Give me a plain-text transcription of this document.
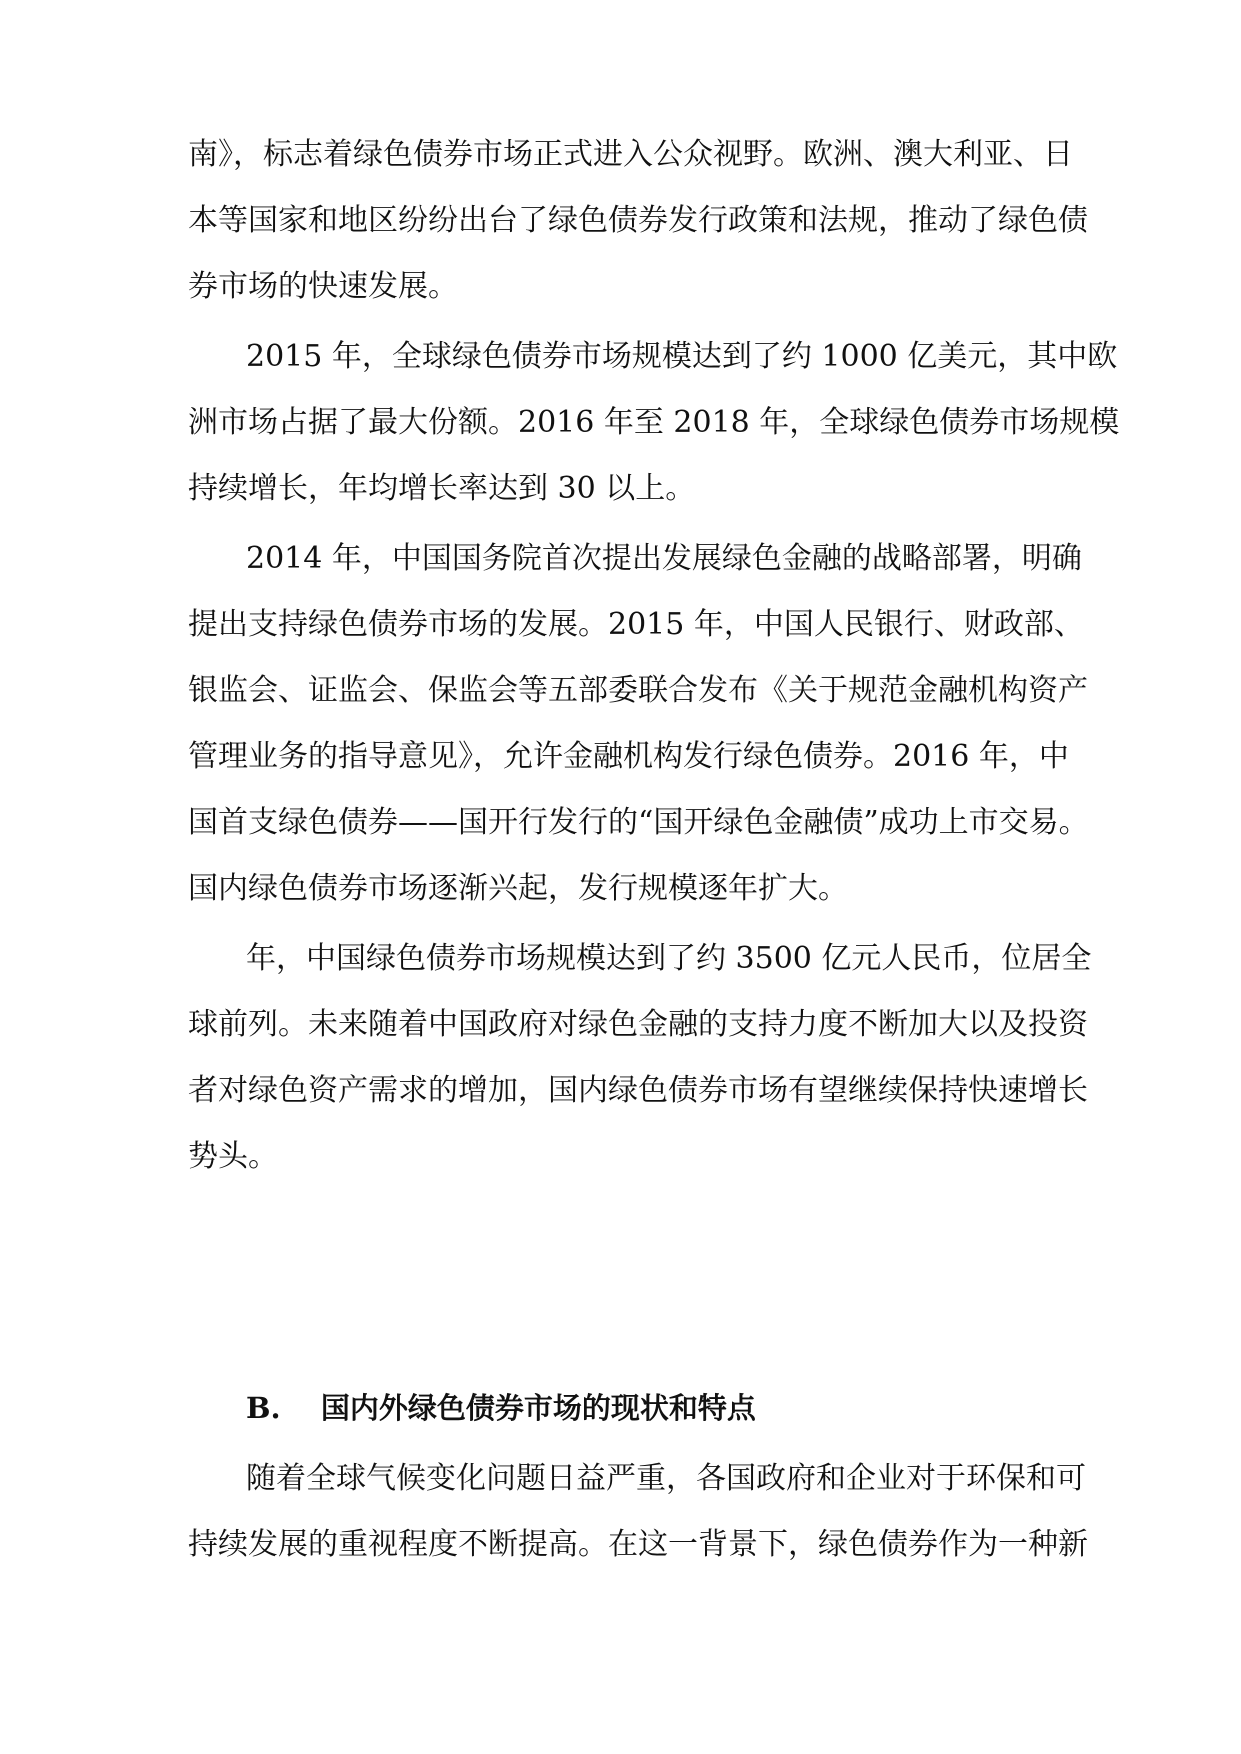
南》，标志着绿色债券市场正式进入公众视野。欧洲、澳大利亚、日
本等国家和地区纷纷出台了绿色债券发行政策和法规，推动了绿色债
券市场的快速发展。
2015 年，全球绿色债券市场规模达到了约 1000 亿美元，其中欧
洲市场占据了最大份额。2016 年至 2018 年，全球绿色债券市场规模
持续增长，年均增长率达到 30 以上。
2014 年，中国国务院首次提出发展绿色金融的战略部署，明确
提出支持绿色债券市场的发展。2015 年，中国人民银行、财政部、
银监会、证监会、保监会等五部委联合发布《关于规范金融机构资产
管理业务的指导意见》，允许金融机构发行绿色债券。2016 年，中
国首支绿色债券——国开行发行的“国开绿色金融债”成功上市交易。
国内绿色债券市场逐渐兴起，发行规模逐年扩大。
年，中国绿色债券市场规模达到了约 3500 亿元人民币，位居全
球前列。未来随着中国政府对绿色金融的支持力度不断加大以及投资
者对绿色资产需求的增加，国内绿色债券市场有望继续保持快速增长
势头。
B. 国内外绿色债券市场的现状和特点
随着全球气候变化问题日益严重，各国政府和企业对于环保和可
持续发展的重视程度不断提高。在这一背景下，绿色债券作为一种新
